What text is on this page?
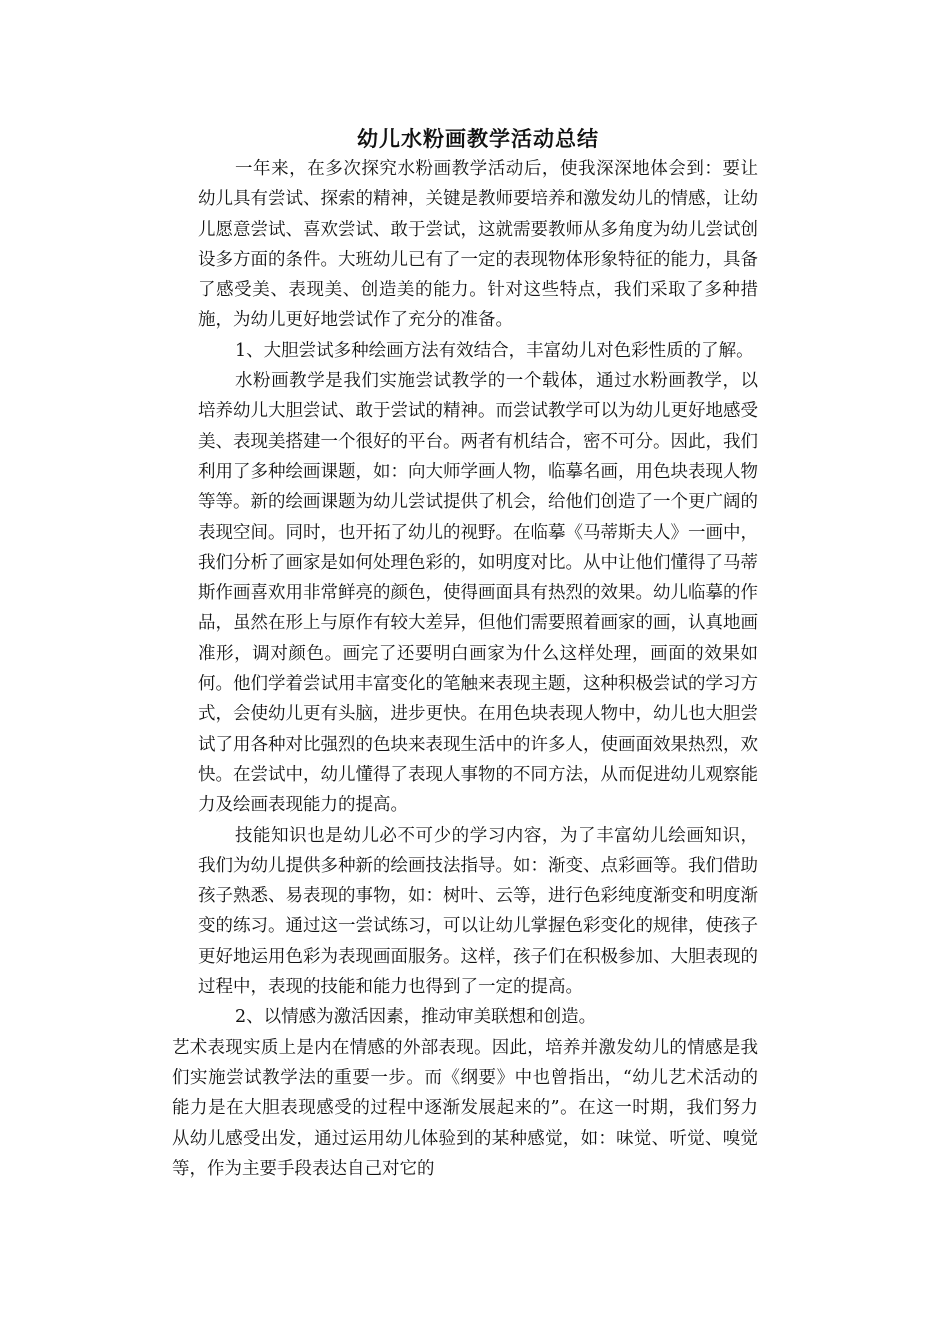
幼儿水粉画教学活动总结

一年来，在多次探究水粉画教学活动后，使我深深地体会到：要让幼儿具有尝试、探索的精神，关键是教师要培养和激发幼儿的情感，让幼儿愿意尝试、喜欢尝试、敢于尝试，这就需要教师从多角度为幼儿尝试创设多方面的条件。大班幼儿已有了一定的表现物体形象特征的能力，具备了感受美、表现美、创造美的能力。针对这些特点，我们采取了多种措施，为幼儿更好地尝试作了充分的准备。

1、大胆尝试多种绘画方法有效结合，丰富幼儿对色彩性质的了解。

水粉画教学是我们实施尝试教学的一个载体，通过水粉画教学，以培养幼儿大胆尝试、敢于尝试的精神。而尝试教学可以为幼儿更好地感受美、表现美搭建一个很好的平台。两者有机结合，密不可分。因此，我们利用了多种绘画课题，如：向大师学画人物，临摹名画，用色块表现人物等等。新的绘画课题为幼儿尝试提供了机会，给他们创造了一个更广阔的表现空间。同时，也开拓了幼儿的视野。在临摹《马蒂斯夫人》一画中，我们分析了画家是如何处理色彩的，如明度对比。从中让他们懂得了马蒂斯作画喜欢用非常鲜亮的颜色，使得画面具有热烈的效果。幼儿临摹的作品，虽然在形上与原作有较大差异，但他们需要照着画家的画，认真地画准形，调对颜色。画完了还要明白画家为什么这样处理，画面的效果如何。他们学着尝试用丰富变化的笔触来表现主题，这种积极尝试的学习方式，会使幼儿更有头脑，进步更快。在用色块表现人物中，幼儿也大胆尝试了用各种对比强烈的色块来表现生活中的许多人，使画面效果热烈，欢快。在尝试中，幼儿懂得了表现人事物的不同方法，从而促进幼儿观察能力及绘画表现能力的提高。

技能知识也是幼儿必不可少的学习内容，为了丰富幼儿绘画知识，我们为幼儿提供多种新的绘画技法指导。如：渐变、点彩画等。我们借助孩子熟悉、易表现的事物，如：树叶、云等，进行色彩纯度渐变和明度渐变的练习。通过这一尝试练习，可以让幼儿掌握色彩变化的规律，使孩子更好地运用色彩为表现画面服务。这样，孩子们在积极参加、大胆表现的过程中，表现的技能和能力也得到了一定的提高。

2、以情感为激活因素，推动审美联想和创造。

艺术表现实质上是内在情感的外部表现。因此，培养并激发幼儿的情感是我们实施尝试教学法的重要一步。而《纲要》中也曾指出，“幼儿艺术活动的能力是在大胆表现感受的过程中逐渐发展起来的”。在这一时期，我们努力从幼儿感受出发，通过运用幼儿体验到的某种感觉，如：味觉、听觉、嗅觉等，作为主要手段表达自己对它的
